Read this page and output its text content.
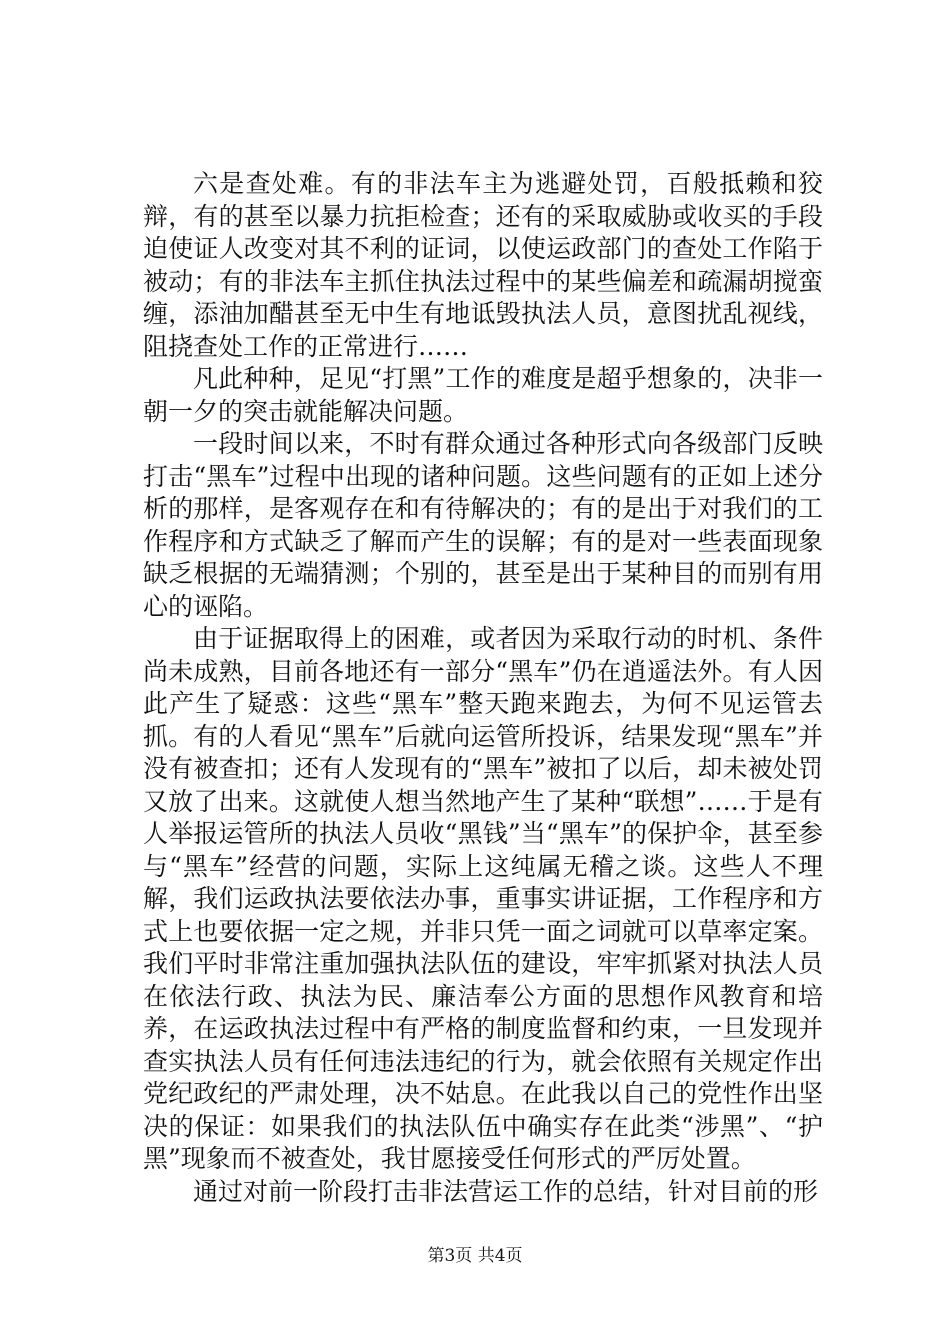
六是查处难。有的非法车主为逃避处罚，百般抵赖和狡辩，有的甚至以暴力抗拒检查；还有的采取威胁或收买的手段迫使证人改变对其不利的证词，以使运政部门的查处工作陷于被动；有的非法车主抓住执法过程中的某些偏差和疏漏胡搅蛮缠，添油加醋甚至无中生有地诋毁执法人员，意图扰乱视线，阻挠查处工作的正常进行……

凡此种种，足见“打黑”工作的难度是超乎想象的，决非一朝一夕的突击就能解决问题。

一段时间以来，不时有群众通过各种形式向各级部门反映打击“黑车”过程中出现的诸种问题。这些问题有的正如上述分析的那样，是客观存在和有待解决的；有的是出于对我们的工作程序和方式缺乏了解而产生的误解；有的是对一些表面现象缺乏根据的无端猜测；个别的，甚至是出于某种目的而别有用心的诬陷。

由于证据取得上的困难，或者因为采取行动的时机、条件尚未成熟，目前各地还有一部分“黑车”仍在逍遥法外。有人因此产生了疑惑：这些“黑车”整天跑来跑去，为何不见运管去抓。有的人看见“黑车”后就向运管所投诉，结果发现“黑车”并没有被查扣；还有人发现有的“黑车”被扣了以后，却未被处罚又放了出来。这就使人想当然地产生了某种“联想”……于是有人举报运管所的执法人员收“黑钱”当“黑车”的保护伞，甚至参与“黑车”经营的问题，实际上这纯属无稽之谈。这些人不理解，我们运政执法要依法办事，重事实讲证据，工作程序和方式上也要依据一定之规，并非只凭一面之词就可以草率定案。我们平时非常注重加强执法队伍的建设，牢牢抓紧对执法人员在依法行政、执法为民、廉洁奉公方面的思想作风教育和培养，在运政执法过程中有严格的制度监督和约束，一旦发现并查实执法人员有任何违法违纪的行为，就会依照有关规定作出党纪政纪的严肃处理，决不姑息。在此我以自己的党性作出坚决的保证：如果我们的执法队伍中确实存在此类“涉黑”、“护黑”现象而不被查处，我甘愿接受任何形式的严厉处置。

通过对前一阶段打击非法营运工作的总结，针对目前的形

第3页 共4页
